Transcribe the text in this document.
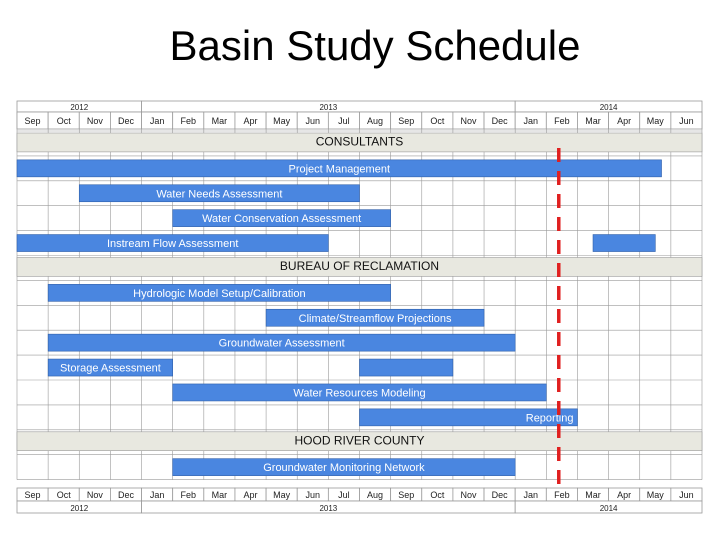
Basin Study Schedule
2012	2013	2014
Sep Oct Nov Dec Jan Feb Mar Apr May Jun Jul Aug Sep Oct Nov Dec Jan Feb Mar Apr May Jun
CONSULTANTS
Project Management
Water Needs Assessment
Water Conservation Assessment
Instream Flow Assessment
BUREAU OF RECLAMATION
Hydrologic Model Setup/Calibration
Climate/Streamflow Projections
Groundwater Assessment
Storage Assessment
Water Resources Modeling
Reporting
HOOD RIVER COUNTY
Groundwater Monitoring Network
Sep Oct Nov Dec Jan Feb Mar Apr May Jun Jul Aug Sep Oct Nov Dec Jan Feb Mar Apr May Jun
2012	2013	2014
